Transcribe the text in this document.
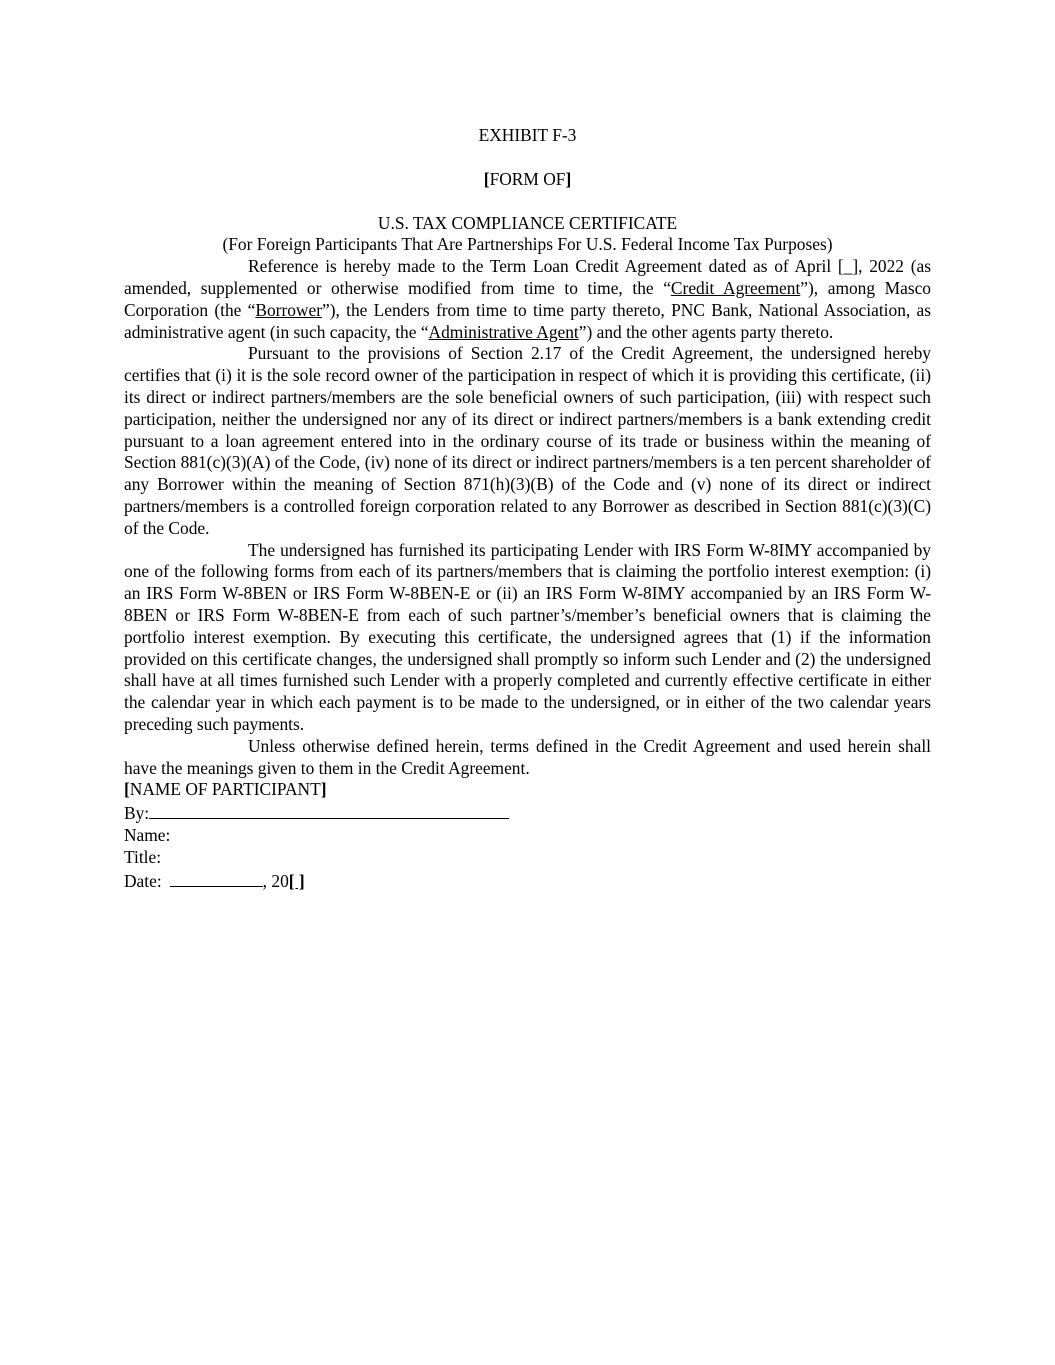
EXHIBIT F-3

[FORM OF]

U.S. TAX COMPLIANCE CERTIFICATE

(For Foreign Participants That Are Partnerships For U.S. Federal Income Tax Purposes)

Reference is hereby made to the Term Loan Credit Agreement dated as of April [_], 2022 (as amended, supplemented or otherwise modified from time to time, the “Credit Agreement”), among Masco Corporation (the “Borrower”), the Lenders from time to time party thereto, PNC Bank, National Association, as administrative agent (in such capacity, the “Administrative Agent”) and the other agents party thereto.

Pursuant to the provisions of Section 2.17 of the Credit Agreement, the undersigned hereby certifies that (i) it is the sole record owner of the participation in respect of which it is providing this certificate, (ii) its direct or indirect partners/members are the sole beneficial owners of such participation, (iii) with respect such participation, neither the undersigned nor any of its direct or indirect partners/members is a bank extending credit pursuant to a loan agreement entered into in the ordinary course of its trade or business within the meaning of Section 881(c)(3)(A) of the Code, (iv) none of its direct or indirect partners/members is a ten percent shareholder of any Borrower within the meaning of Section 871(h)(3)(B) of the Code and (v) none of its direct or indirect partners/members is a controlled foreign corporation related to any Borrower as described in Section 881(c)(3)(C) of the Code.

The undersigned has furnished its participating Lender with IRS Form W-8IMY accompanied by one of the following forms from each of its partners/members that is claiming the portfolio interest exemption: (i) an IRS Form W-8BEN or IRS Form W-8BEN-E or (ii) an IRS Form W-8IMY accompanied by an IRS Form W-8BEN or IRS Form W-8BEN-E from each of such partner’s/member’s beneficial owners that is claiming the portfolio interest exemption. By executing this certificate, the undersigned agrees that (1) if the information provided on this certificate changes, the undersigned shall promptly so inform such Lender and (2) the undersigned shall have at all times furnished such Lender with a properly completed and currently effective certificate in either the calendar year in which each payment is to be made to the undersigned, or in either of the two calendar years preceding such payments.

Unless otherwise defined herein, terms defined in the Credit Agreement and used herein shall have the meanings given to them in the Credit Agreement.

[NAME OF PARTICIPANT]

By:

Name:

Title:

Date:	, 20[ ]
